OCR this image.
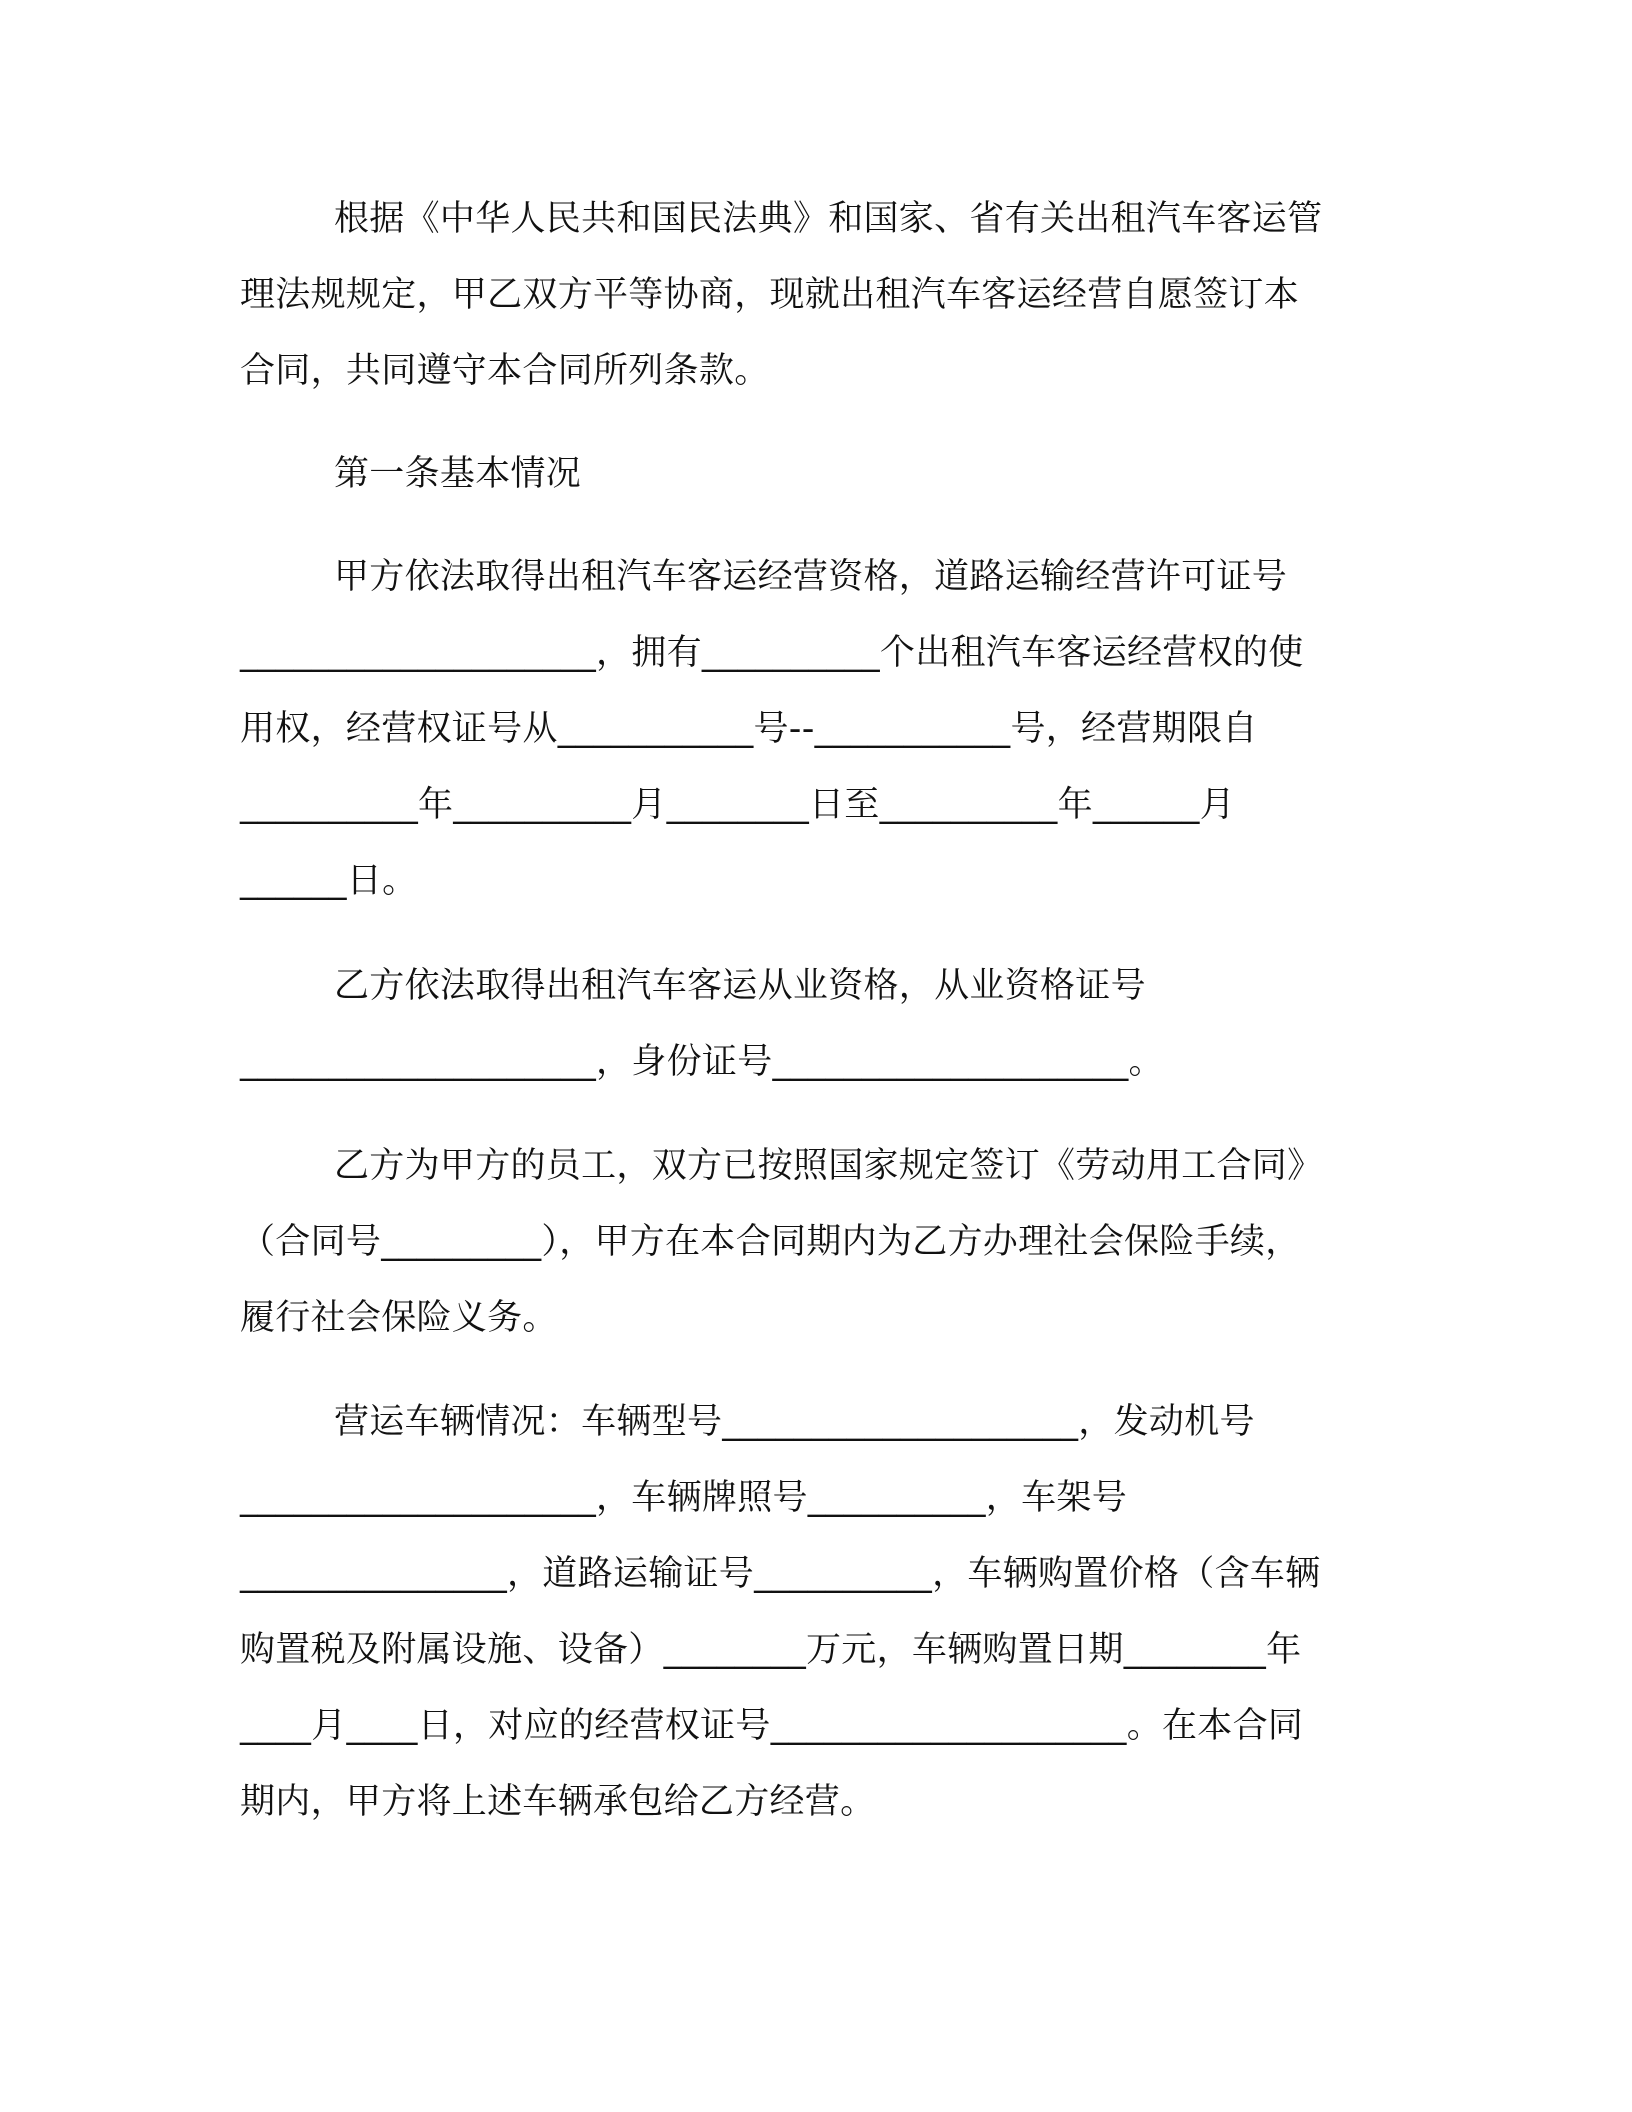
根据《中华人民共和国民法典》和国家、省有关出租汽车客运管
理法规规定，甲乙双方平等协商，现就出租汽车客运经营自愿签订本
合同，共同遵守本合同所列条款。
第一条基本情况
甲方依法取得出租汽车客运经营资格，道路运输经营许可证号
____________________，拥有__________个出租汽车客运经营权的使
用权，经营权证号从___________号--___________号，经营期限自
__________年__________月________日至__________年______月
______日。
乙方依法取得出租汽车客运从业资格，从业资格证号
____________________，身份证号____________________。
乙方为甲方的员工，双方已按照国家规定签订《劳动用工合同》
（合同号_________），甲方在本合同期内为乙方办理社会保险手续，
履行社会保险义务。
营运车辆情况：车辆型号____________________，发动机号
____________________，车辆牌照号__________，车架号
_______________，道路运输证号__________，车辆购置价格（含车辆
购置税及附属设施、设备）________万元，车辆购置日期________年
____月____日，对应的经营权证号____________________。在本合同
期内，甲方将上述车辆承包给乙方经营。
